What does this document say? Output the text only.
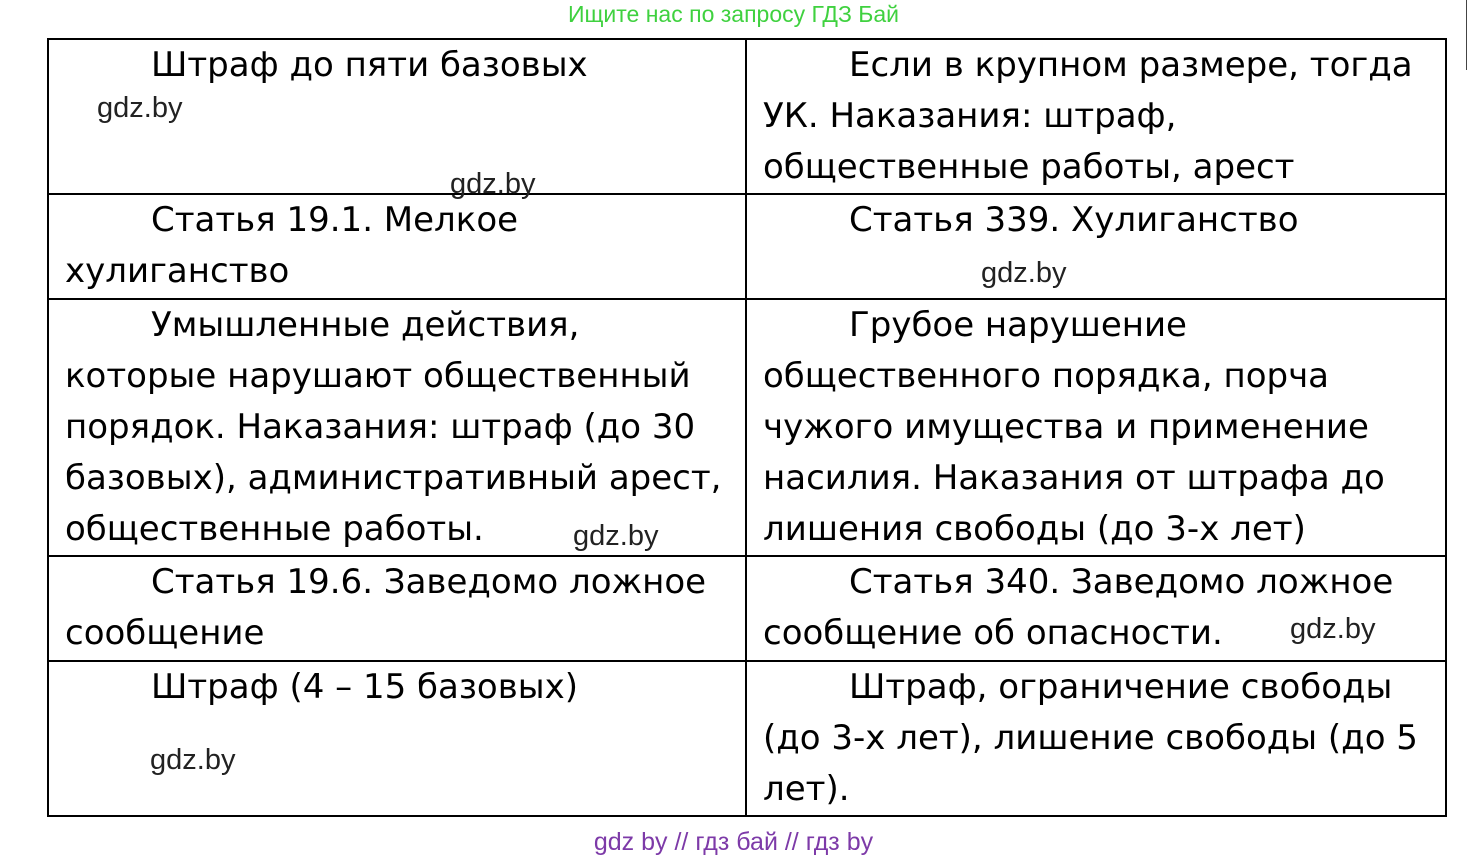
Ищите нас по запросу ГДЗ Бай
Штраф до пяти базовых	Если в крупном размере, тогда УК. Наказания: штраф, общественные работы, арест

Статья 19.1. Мелкое хулиганство	Статья 339. Хулиганство

Умышленные действия, которые нарушают общественный порядок. Наказания: штраф (до 30 базовых), административный арест, общественные работы.	Грубое нарушение общественного порядка, порча чужого имущества и применение насилия. Наказания от штрафа до лишения свободы (до 3-х лет)

Статья 19.6. Заведомо ложное сообщение	Статья 340. Заведомо ложное сообщение об опасности.

Штраф (4 – 15 базовых)	Штраф, ограничение свободы (до 3-х лет), лишение свободы (до 5 лет).
gdz.by
gdz.by
gdz.by
gdz.by
gdz.by
gdz.by
gdz by // гдз бай // гдз by
